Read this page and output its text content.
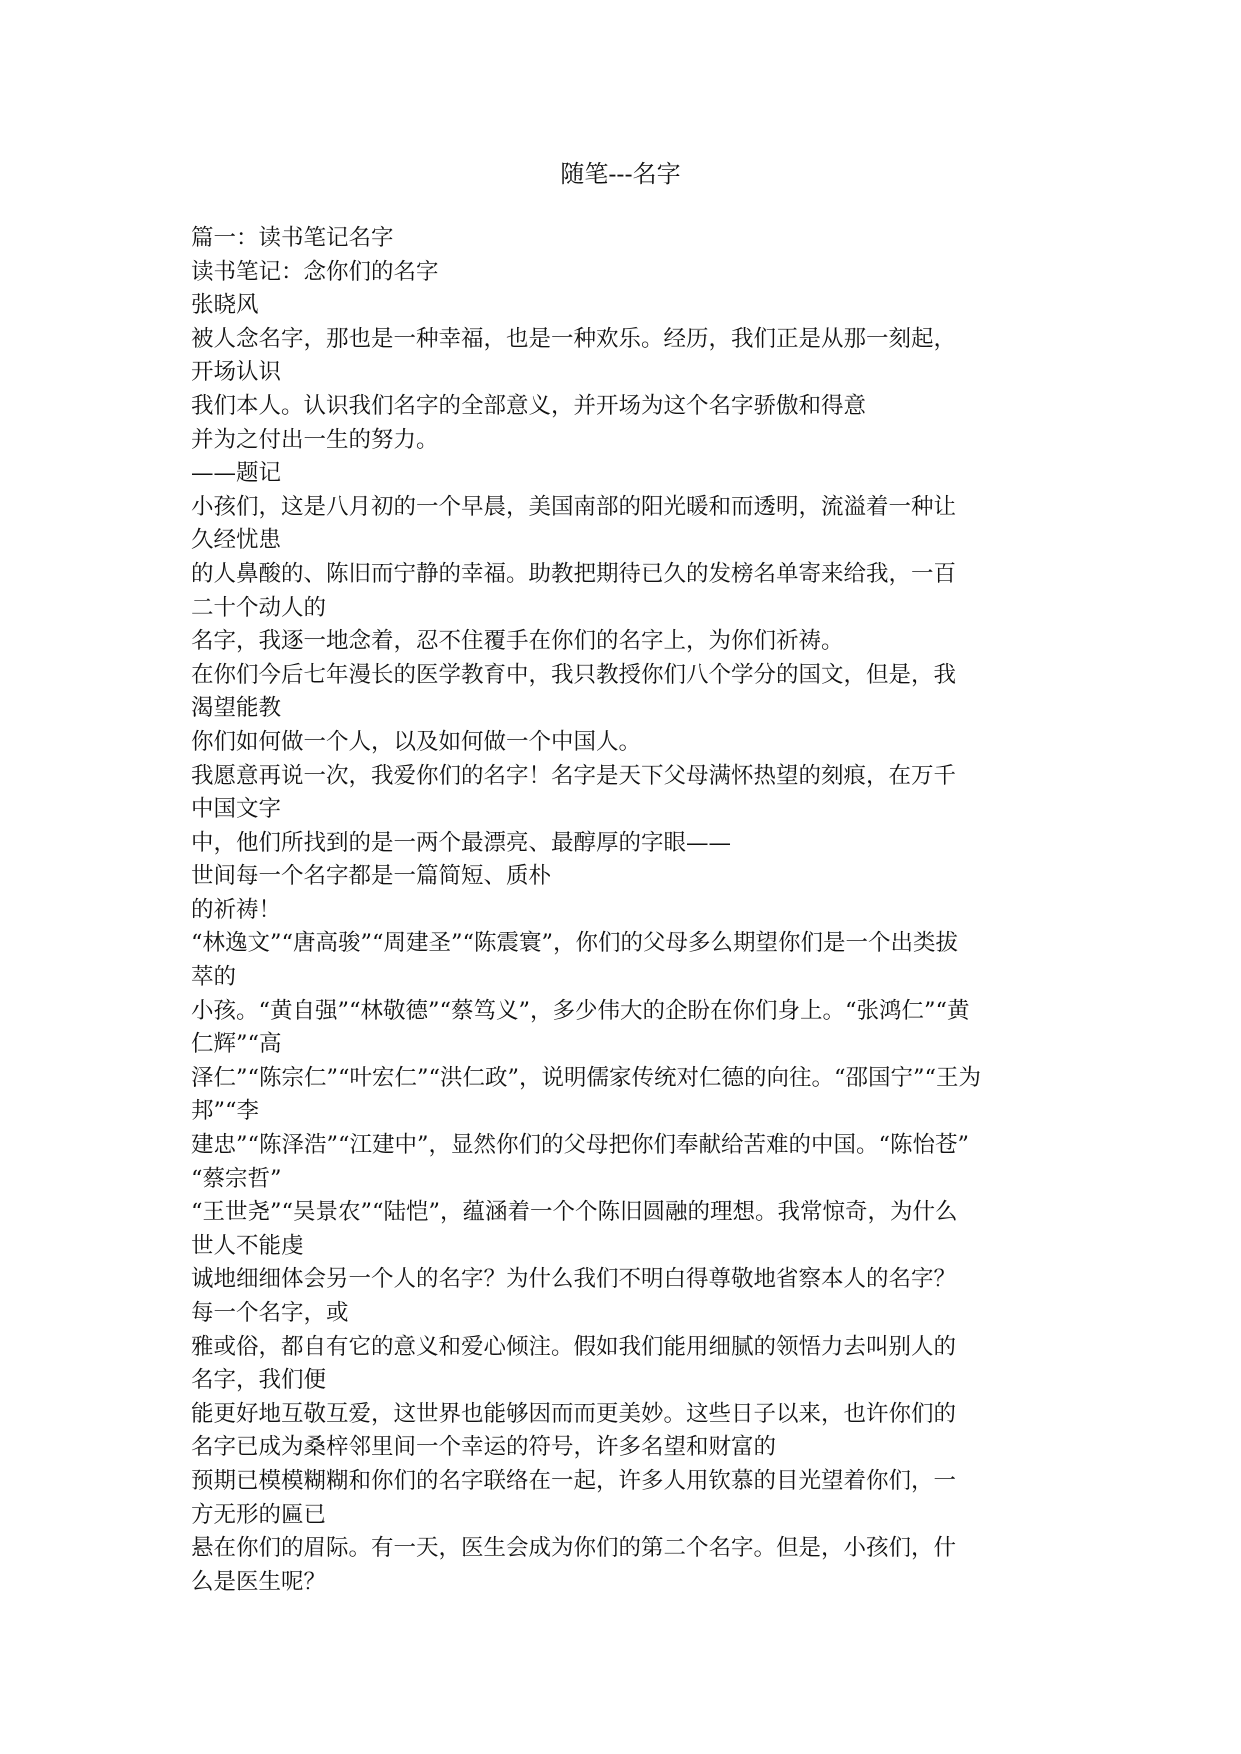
随笔---名字
篇一：读书笔记名字
读书笔记：念你们的名字
张晓风
被人念名字，那也是一种幸福，也是一种欢乐。经历，我们正是从那一刻起，
开场认识
我们本人。认识我们名字的全部意义，并开场为这个名字骄傲和得意
并为之付出一生的努力。
——题记
小孩们，这是八月初的一个早晨，美国南部的阳光暖和而透明，流溢着一种让
久经忧患
的人鼻酸的、陈旧而宁静的幸福。助教把期待已久的发榜名单寄来给我，一百
二十个动人的
名字，我逐一地念着，忍不住覆手在你们的名字上，为你们祈祷。
在你们今后七年漫长的医学教育中，我只教授你们八个学分的国文，但是，我
渴望能教
你们如何做一个人，以及如何做一个中国人。
我愿意再说一次，我爱你们的名字！名字是天下父母满怀热望的刻痕，在万千
中国文字
中，他们所找到的是一两个最漂亮、最醇厚的字眼——
世间每一个名字都是一篇简短、质朴
的祈祷！
“林逸文”“唐高骏”“周建圣”“陈震寰”，你们的父母多么期望你们是一个出类拔
萃的
小孩。“黄自强”“林敬德”“蔡笃义”，多少伟大的企盼在你们身上。“张鸿仁”“黄
仁辉”“高
泽仁”“陈宗仁”“叶宏仁”“洪仁政”，说明儒家传统对仁德的向往。“邵国宁”“王为
邦”“李
建忠”“陈泽浩”“江建中”，显然你们的父母把你们奉献给苦难的中国。“陈怡苍”
“蔡宗哲”
“王世尧”“吴景农”“陆恺”，蕴涵着一个个陈旧圆融的理想。我常惊奇，为什么
世人不能虔
诚地细细体会另一个人的名字？为什么我们不明白得尊敬地省察本人的名字？
每一个名字，或
雅或俗，都自有它的意义和爱心倾注。假如我们能用细腻的领悟力去叫别人的
名字，我们便
能更好地互敬互爱，这世界也能够因而而更美妙。这些日子以来，也许你们的
名字已成为桑梓邻里间一个幸运的符号，许多名望和财富的
预期已模模糊糊和你们的名字联络在一起，许多人用钦慕的目光望着你们，一
方无形的匾已
悬在你们的眉际。有一天，医生会成为你们的第二个名字。但是，小孩们，什
么是医生呢？
